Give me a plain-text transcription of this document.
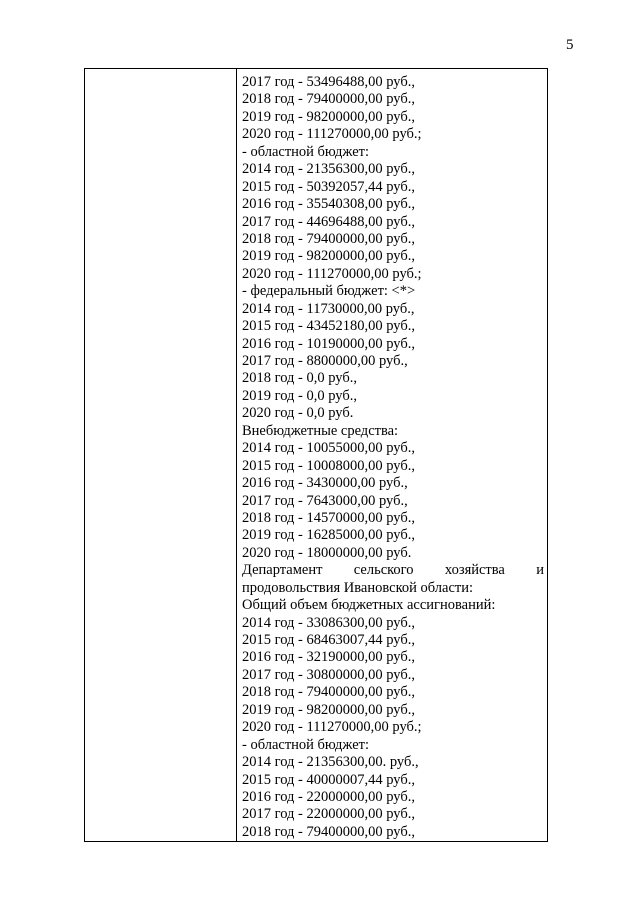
5
2017 год - 53496488,00 руб.,
2018 год - 79400000,00 руб.,
2019 год - 98200000,00 руб.,
2020 год - 111270000,00 руб.;
- областной бюджет:
2014 год - 21356300,00 руб.,
2015 год - 50392057,44 руб.,
2016 год - 35540308,00 руб.,
2017 год - 44696488,00 руб.,
2018 год - 79400000,00 руб.,
2019 год - 98200000,00 руб.,
2020 год - 111270000,00 руб.;
- федеральный бюджет: <*>
2014 год - 11730000,00 руб.,
2015 год - 43452180,00 руб.,
2016 год - 10190000,00 руб.,
2017 год - 8800000,00 руб.,
2018 год - 0,0 руб.,
2019 год - 0,0 руб.,
2020 год - 0,0 руб.
Внебюджетные средства:
2014 год - 10055000,00 руб.,
2015 год - 10008000,00 руб.,
2016 год - 3430000,00 руб.,
2017 год - 7643000,00 руб.,
2018 год - 14570000,00 руб.,
2019 год - 16285000,00 руб.,
2020 год - 18000000,00 руб.
Департамент сельского хозяйства и
продовольствия Ивановской области:
Общий объем бюджетных ассигнований:
2014 год - 33086300,00 руб.,
2015 год - 68463007,44 руб.,
2016 год - 32190000,00 руб.,
2017 год - 30800000,00 руб.,
2018 год - 79400000,00 руб.,
2019 год - 98200000,00 руб.,
2020 год - 111270000,00 руб.;
- областной бюджет:
2014 год - 21356300,00. руб.,
2015 год - 40000007,44 руб.,
2016 год - 22000000,00 руб.,
2017 год - 22000000,00 руб.,
2018 год - 79400000,00 руб.,
